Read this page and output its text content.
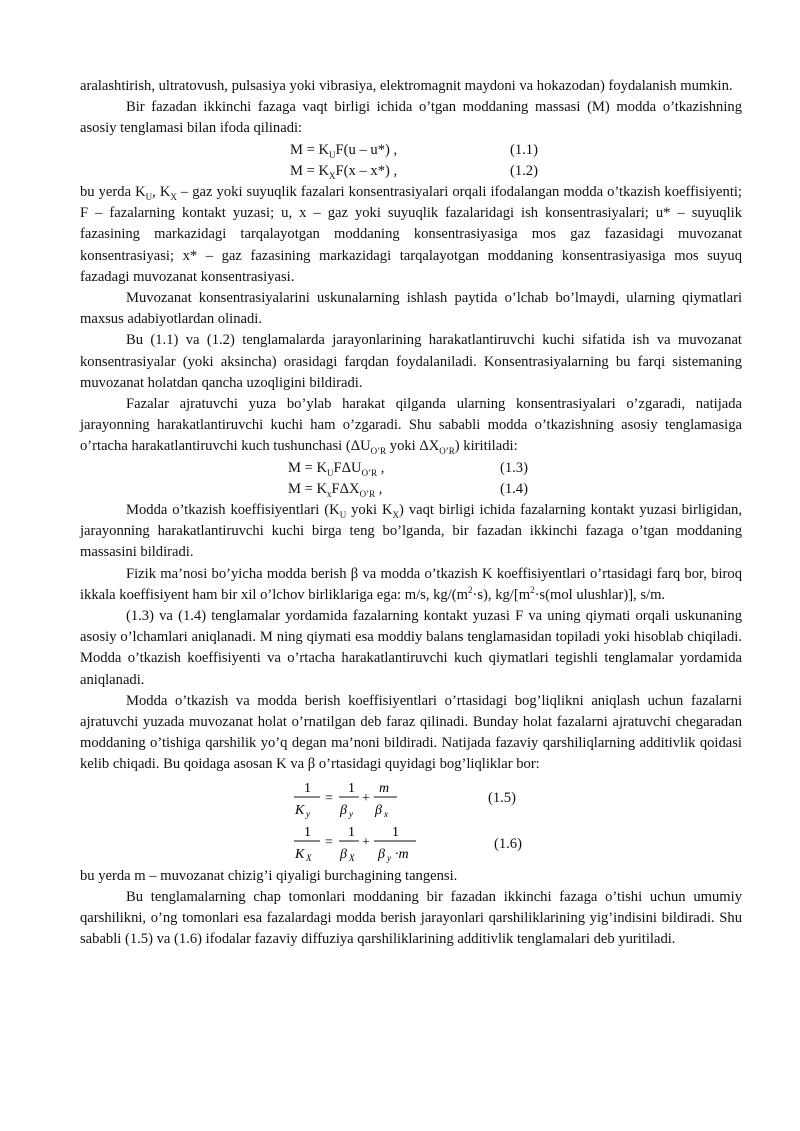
aralashtirish, ultratovush, pulsasiya yoki vibrasiya, elektromagnit maydoni va hokazodan) foydalanish mumkin.

Bir fazadan ikkinchi fazaga vaqt birligi ichida o’tgan moddaning massasi (M) modda o’tkazishning asosiy tenglamasi bilan ifoda qilinadi:

$M = K_UF(u - u*)$ ,	(1.1)
$M = K_XF(x - x*)$ ,	(1.2)

bu yerda $K_U$, $K_X$ – gaz yoki suyuqlik fazalari konsentrasiyalari orqali ifodalangan modda o’tkazish koeffisiyenti; F – fazalarning kontakt yuzasi; u, x – gaz yoki suyuqlik fazalaridagi ish konsentrasiyalari; u* – suyuqlik fazasining markazidagi tarqalayotgan moddaning konsentrasiyasiga mos gaz fazasidagi muvozanat konsentrasiyasi; x* – gaz fazasining markazidagi tarqalayotgan moddaning konsentrasiyasiga mos suyuq fazadagi muvozanat konsentrasiyasi.

Muvozanat konsentrasiyalarini uskunalarning ishlash paytida o’lchab bo’lmaydi, ularning qiymatlari maxsus adabiyotlardan olinadi.

Bu (1.1) va (1.2) tenglamalarda jarayonlarining harakatlantiruvchi kuchi sifatida ish va muvozanat konsentrasiyalar (yoki aksincha) orasidagi farqdan foydalaniladi. Konsentrasiyalarning bu farqi sistemaning muvozanat holatdan qancha uzoqligini bildiradi.

Fazalar ajratuvchi yuza bo’ylab harakat qilganda ularning konsentrasiyalari o’zgaradi, natijada jarayonning harakatlantiruvchi kuchi ham o’zgaradi. Shu sababli modda o’tkazishning asosiy tenglamasiga o’rtacha harakatlantiruvchi kuch tushunchasi ($\Delta U_{O’R}$ yoki $\Delta X_{O’R}$) kiritiladi:

$M = K_UF\Delta U_{O’R}$ ,	(1.3)
$M = K_xF\Delta X_{O’R}$ ,	(1.4)

Modda o’tkazish koeffisiyentlari ($K_U$ yoki $K_X$) vaqt birligi ichida fazalarning kontakt yuzasi birligidan, jarayonning harakatlantiruvchi kuchi birga teng bo’lganda, bir fazadan ikkinchi fazaga o’tgan moddaning massasini bildiradi.

Fizik ma’nosi bo’yicha modda berish β va modda o’tkazish K koeffisiyentlari o’rtasidagi farq bor, biroq ikkala koeffisiyent ham bir xil o’lchov birliklariga ega: m/s, $kg/(m^2\cdot s)$, $kg/[m^2\cdot s(mol$ ulushlar)], s/m.

(1.3) va (1.4) tenglamalar yordamida fazalarning kontakt yuzasi F va uning qiymati orqali uskunaning asosiy o’lchamlari aniqlanadi. M ning qiymati esa moddiy balans tenglamasidan topiladi yoki hisoblab chiqiladi. Modda o’tkazish koeffisiyenti va o’rtacha harakatlantiruvchi kuch qiymatlari tegishli tenglamalar yordamida aniqlanadi.

Modda o’tkazish va modda berish koeffisiyentlari o’rtasidagi bog’liqlikni aniqlash uchun fazalarni ajratuvchi yuzada muvozanat holat o’rnatilgan deb faraz qilinadi. Bunday holat fazalarni ajratuvchi chegaradan moddaning o’tishiga qarshilik yo’q degan ma’noni bildiradi. Natijada fazaviy qarshiliqlarning additivlik qoidasi kelib chiqadi. Bu qoidaga asosan K va β o’rtasidagi quyidagi bog’liqliklar bor:

1
K y
=
1
β y
+
m
β x
(1.5)
1
K X
=
1
β X
+
1
β y ·m
(1.6)

bu yerda m – muvozanat chizig’i qiyaligi burchagining tangensi.

Bu tenglamalarning chap tomonlari moddaning bir fazadan ikkinchi fazaga o’tishi uchun umumiy qarshilikni, o’ng tomonlari esa fazalardagi modda berish jarayonlari qarshiliklarining yig’indisini bildiradi. Shu sababli (1.5) va (1.6) ifodalar fazaviy diffuziya qarshiliklarining additivlik tenglamalari deb yuritiladi.
